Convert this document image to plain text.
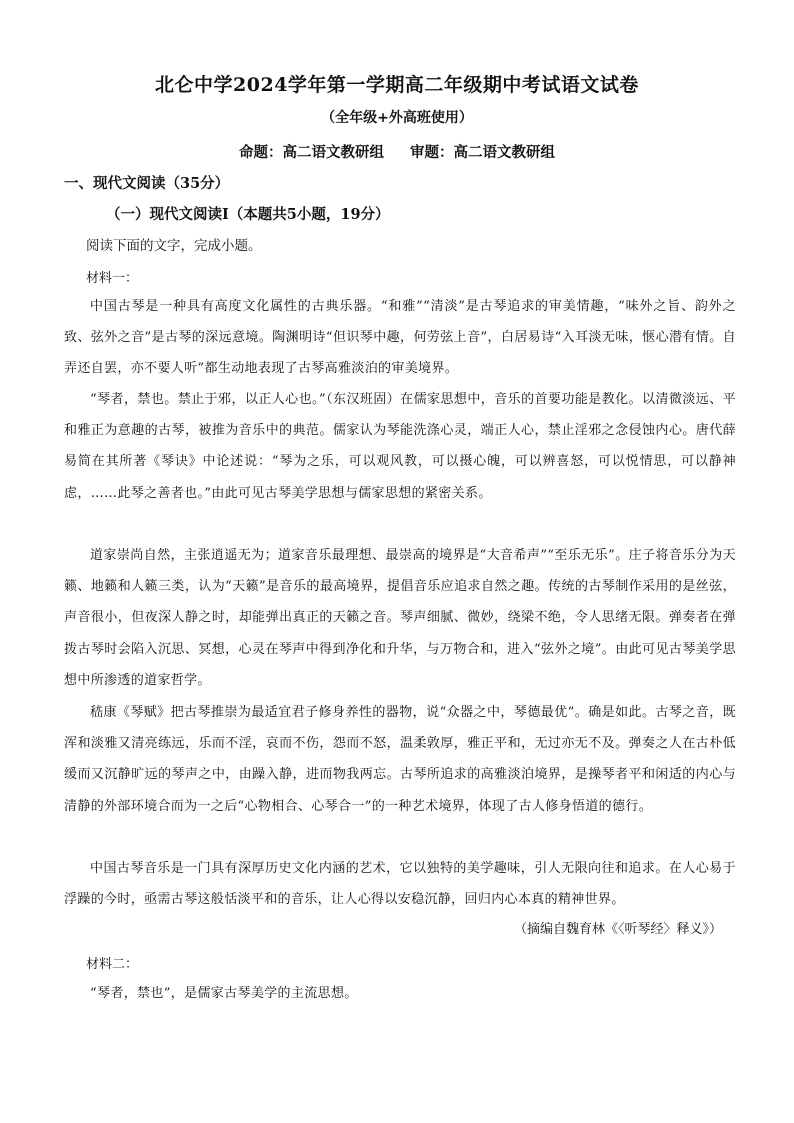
北仑中学2024学年第一学期高二年级期中考试语文试卷
（全年级+外高班使用）
命题：高二语文教研组 审题：高二语文教研组
一、现代文阅读（35分）
（一）现代文阅读Ⅰ（本题共5小题，19分）
阅读下面的文字，完成小题。
材料一：
中国古琴是一种具有高度文化属性的古典乐器。“和雅”“清淡”是古琴追求的审美情趣，“味外之旨、韵外之致、弦外之音”是古琴的深远意境。陶渊明诗“但识琴中趣，何劳弦上音”，白居易诗“入耳淡无味，惬心潜有情。自弄还自罢，亦不要人听”都生动地表现了古琴高雅淡泊的审美境界。
“琴者，禁也。禁止于邪，以正人心也。”（东汉班固）在儒家思想中，音乐的首要功能是教化。以清微淡远、平和雅正为意趣的古琴，被推为音乐中的典范。儒家认为琴能洗涤心灵，端正人心，禁止淫邪之念侵蚀内心。唐代薛易简在其所著《琴诀》中论述说：“琴为之乐，可以观风教，可以摄心魄，可以辨喜怒，可以悦情思，可以静神虑，……此琴之善者也。”由此可见古琴美学思想与儒家思想的紧密关系。
道家崇尚自然，主张逍遥无为；道家音乐最理想、最崇高的境界是“大音希声”“至乐无乐”。庄子将音乐分为天籁、地籁和人籁三类，认为“天籁”是音乐的最高境界，提倡音乐应追求自然之趣。传统的古琴制作采用的是丝弦，声音很小，但夜深人静之时，却能弹出真正的天籁之音。琴声细腻、微妙，绕梁不绝，令人思绪无限。弹奏者在弹拨古琴时会陷入沉思、冥想，心灵在琴声中得到净化和升华，与万物合和，进入“弦外之境”。由此可见古琴美学思想中所渗透的道家哲学。
嵇康《琴赋》把古琴推崇为最适宜君子修身养性的器物，说“众器之中，琴德最优”。确是如此。古琴之音，既浑和淡雅又清亮练远，乐而不淫，哀而不伤，怨而不怒，温柔敦厚，雅正平和，无过亦无不及。弹奏之人在古朴低缓而又沉静旷远的琴声之中，由躁入静，进而物我两忘。古琴所追求的高雅淡泊境界，是操琴者平和闲适的内心与清静的外部环境合而为一之后“心物相合、心琴合一”的一种艺术境界，体现了古人修身悟道的德行。
中国古琴音乐是一门具有深厚历史文化内涵的艺术，它以独特的美学趣味，引人无限向往和追求。在人心易于浮躁的今时，亟需古琴这般恬淡平和的音乐，让人心得以安稳沉静，回归内心本真的精神世界。
（摘编自魏育林《〈听琴经〉释义》）
材料二：
“琴者，禁也”，是儒家古琴美学的主流思想。
